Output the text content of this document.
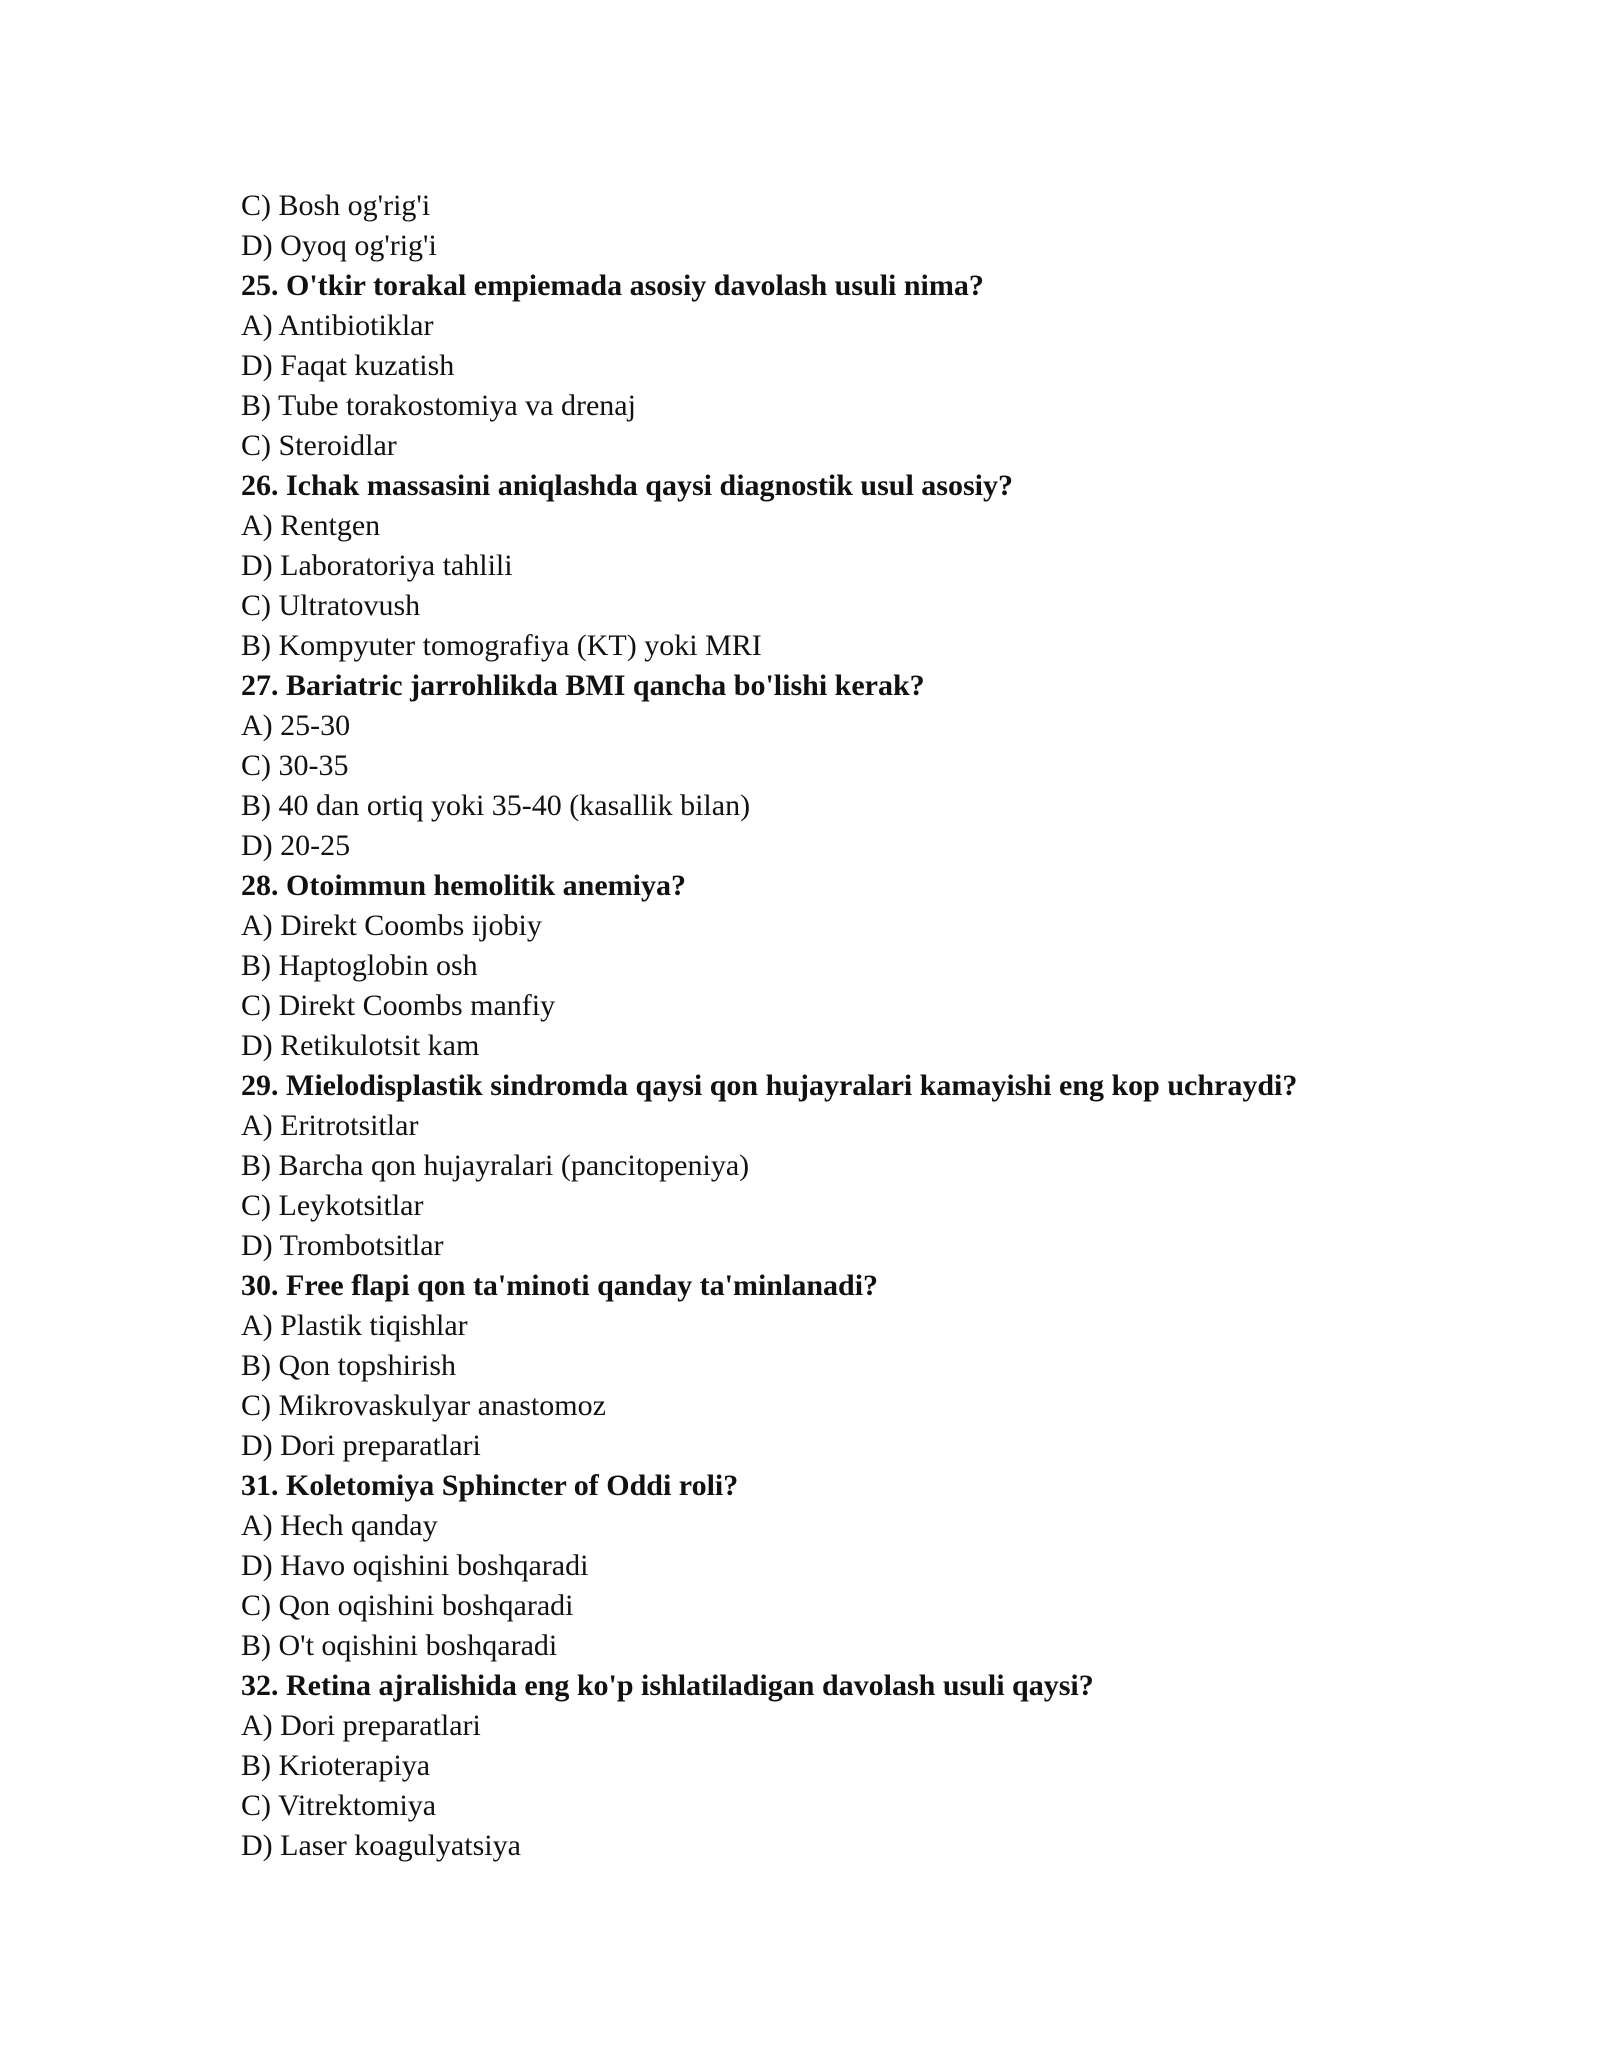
C) Bosh og'rig'i
D) Oyoq og'rig'i
25. O'tkir torakal empiemada asosiy davolash usuli nima?
A) Antibiotiklar
D) Faqat kuzatish
B) Tube torakostomiya va drenaj
C) Steroidlar
26. Ichak massasini aniqlashda qaysi diagnostik usul asosiy?
A) Rentgen
D) Laboratoriya tahlili
C) Ultratovush
B) Kompyuter tomografiya (KT) yoki MRI
27. Bariatric jarrohlikda BMI qancha bo'lishi kerak?
A) 25-30
C) 30-35
B) 40 dan ortiq yoki 35-40 (kasallik bilan)
D) 20-25
28. Otoimmun hemolitik anemiya?
A) Direkt Coombs ijobiy
B) Haptoglobin osh
C) Direkt Coombs manfiy
D) Retikulotsit kam
29. Mielodisplastik sindromda qaysi qon hujayralari kamayishi eng kop uchraydi?
A) Eritrotsitlar
B) Barcha qon hujayralari (pancitopeniya)
C) Leykotsitlar
D) Trombotsitlar
30. Free flapi qon ta'minoti qanday ta'minlanadi?
A) Plastik tiqishlar
B) Qon topshirish
C) Mikrovaskulyar anastomoz
D) Dori preparatlari
31. Koletomiya Sphincter of Oddi roli?
A) Hech qanday
D) Havo oqishini boshqaradi
C) Qon oqishini boshqaradi
B) O't oqishini boshqaradi
32. Retina ajralishida eng ko'p ishlatiladigan davolash usuli qaysi?
A) Dori preparatlari
B) Krioterapiya
C) Vitrektomiya
D) Laser koagulyatsiya
